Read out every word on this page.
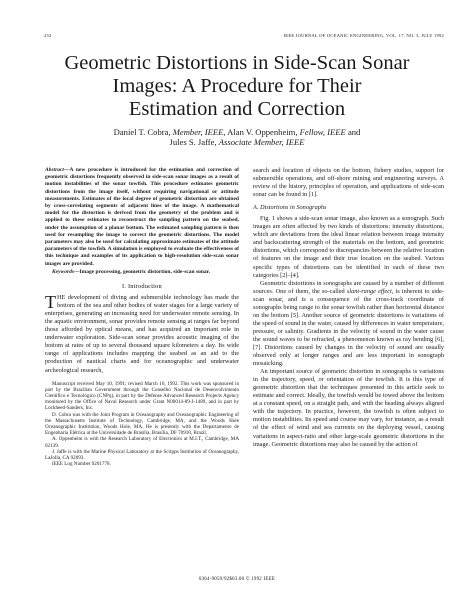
252	IEEE JOURNAL OF OCEANIC ENGINEERING, VOL. 17, NO. 3, JULY 1992
Geometric Distortions in Side-Scan Sonar
Images: A Procedure for Their
Estimation and Correction
Daniel T. Cobra, Member, IEEE, Alan V. Oppenheim, Fellow, IEEE and
Jules S. Jaffe, Associate Member, IEEE

Abstract—A new procedure is introduced for the estimation and correction of geometric distortions frequently observed in side-scan sonar images as a result of motion instabilities of the sonar towfish. This procedure estimates geometric distortions from the image itself, without requiring navigational or attitude measurements. Estimates of the local degree of geometric distortion are obtained by cross-correlating segments of adjacent lines of the image. A mathematical model for the distortion is derived from the geometry of the problem and is applied to these estimates to reconstruct the sampling pattern on the seabed, under the assumption of a planar bottom. The estimated sampling pattern is then used for resampling the image to correct the geometric distortions. The model parameters may also be used for calculating approximate estimates of the attitude parameters of the towfish. A simulation is employed to evaluate the effectiveness of this technique and examples of its application to high-resolution side-scan sonar images are provided.

Keywords—Image processing, geometric distortion, side-scan sonar.

I. Introduction

THE development of diving and submersible technology has made the bottom of the sea and other bodies of water stages for a large variety of enterprises, generating an increasing need for underwater remote sensing. In the aquatic environment, sonar provides remote sensing at ranges far beyond those afforded by optical means, and has acquired an important role in underwater exploration. Side-scan sonar provides acoustic imaging of the bottom at rates of up to several thousand square kilometers a day. Its wide range of applications includes mapping the seabed as an aid to the production of nautical charts and for oceanographic and underwater archeological research,

Manuscript received May 10, 1991; revised March 16, 1992. This work was sponsored in part by the Brazilian Government through the Conselho Nacional de Desenvolvimento Científico e Tecnológico (CNPq), in part by the Defense Advanced Research Projects Agency monitored by the Office of Naval Research under Grant N00014-89-J-1489, and in part by Lockheed-Sanders, Inc.

D. Cobra was with the Joint Program in Oceanography and Oceanographic Engineering of the Massachusetts Institute of Technology, Cambridge, MA, and the Woods Hole Oceanographic Institution, Woods Hole, MA. He is presently with the Departamento de Engenharia Elétrica at the Universidade de Brasília, Brasília, DF 70910, Brazil.

A. Oppenheim is with the Research Laboratory of Electronics at M.I.T., Cambridge, MA 02139.

J. Jaffe is with the Marine Physical Laboratory at the Scripps Institution of Oceanography, LaJolla, CA 92093.

IEEE Log Number 9201778.

search and location of objects on the bottom, fishery studies, support for submersible operations, and off-shore mining and engineering surveys. A review of the history, principles of operation, and applications of side-scan sonar can be found in [1].

A. Distortions in Sonographs

Fig. 1 shows a side-scan sonar image, also known as a sonograph. Such images are often affected by two kinds of distortions: intensity distortions, which are deviations from the ideal linear relation between image intensity and backscattering strength of the materials on the bottom, and geometric distortions, which correspond to discrepancies between the relative location of features on the image and their true location on the seabed. Various specific types of distortions can be identified in each of these two categories [2]–[4].

Geometric distortions in sonographs are caused by a number of different sources. One of them, the so-called slant-range effect, is inherent to side-scan sonar, and is a consequence of the cross-track coordinate of sonographs being range to the sonar towfish rather than horizontal distance on the bottom [5]. Another source of geometric distortions is variations of the speed of sound in the water, caused by differences in water temperature, pressure, or salinity. Gradients in the velocity of sound in the water cause the sound waves to be refracted, a phenomenon known as ray bending [6], [7]. Distortions caused by changes in the velocity of sound are usually observed only at longer ranges and are less important in sonograph mosaicking.

An important source of geometric distortion in sonographs is variations in the trajectory, speed, or orientation of the towfish. It is this type of geometric distortion that the techniques presented in this article seek to estimate and correct. Ideally, the towfish would be towed above the bottom at a constant speed, on a straight path, and with the heading always aligned with the trajectory. In practice, however, the towfish is often subject to motion instabilities. Its speed and course may vary, for instance, as a result of the effect of wind and sea currents on the deploying vessel, causing variations in aspect-ratio and other large-scale geometric distortions in the image. Geometric distortions may also be caused by the action of

0364-9059/92$03.00 © 1992 IEEE
